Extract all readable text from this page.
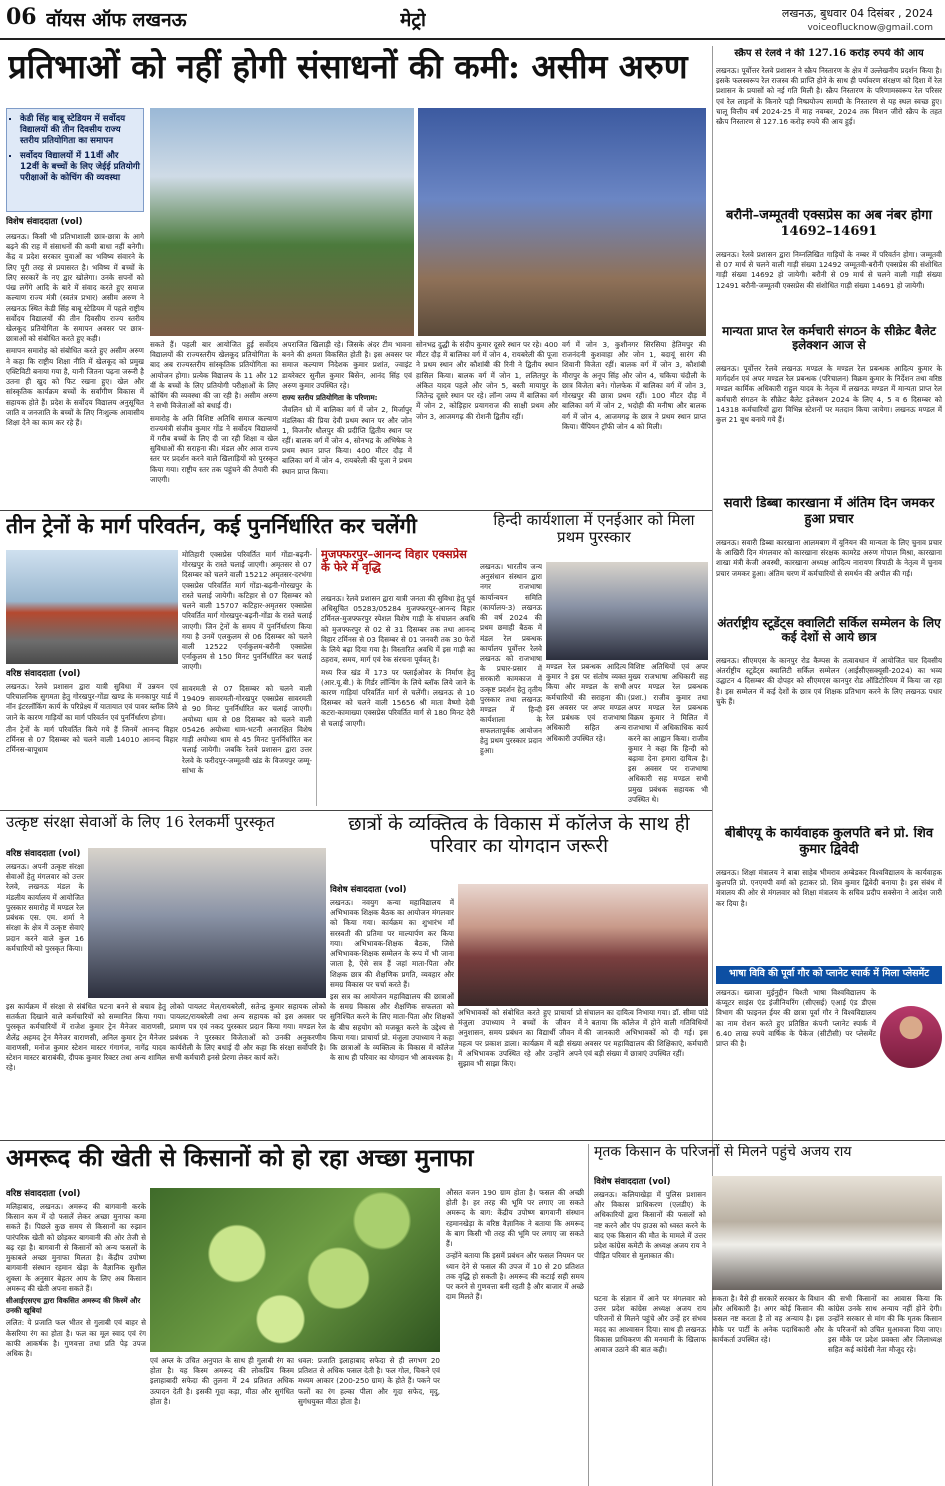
06 वॉयस ऑफ लखनऊ	मेट्रो	लखनऊ, बुधवार 04 दिसंबर , 2024
voiceoflucknow@gmail.com
प्रतिभाओं को नहीं होगी संसाधनों की कमी: असीम अरुण
▪ केडी सिंह बाबू स्टेडियम में सर्वोदय विद्यालयों की तीन दिवसीय राज्य स्तरीय प्रतियोगिता का समापन
▪ सर्वोदय विद्यालयों में 11वीं और 12वीं के बच्चों के लिए जेईई प्रतियोगी परीक्षाओं के कोचिंग की व्यवस्था
विशेष संवाददाता (vol)

लखनऊ। किसी भी प्रतिभाशाली छात्र-छात्रा के आगे बढ़ने की राह में संसाधनों की कमी बाधा नहीं बनेगी। केंद्र व प्रदेश सरकार युवाओं का भविष्य संवारने के लिए पूरी तरह से प्रयासरत है। भविष्य में बच्चों के लिए सरकारें के नए द्वार खोलेगा। उनके सपनों को पंख लगेंगे आदि के बारे में संवाद करते हुए समाज कल्याण राज्य मंत्री (स्वतंत्र प्रभार) असीम अरुण ने लखनऊ स्थित केडी सिंह बाबू स्टेडियम में पहले राष्ट्रीय सर्वोदय विद्यालयों की तीन दिवसीय राज्य स्तरीय खेलकूद प्रतियोगिता के समापन अवसर पर छात्र-छात्राओं को संबोधित करते हुए कही।

समापन समारोह को संबोधित करते हुए असीम अरुण ने कहा कि राष्ट्रीय शिक्षा नीति में खेलकूद को प्रमुख एक्टिविटी बनाया गया है, यानी जितना पढ़ना जरूरी है उतना ही खुद को फिट रखना हुए। खेल और सांस्कृतिक कार्यक्रम बच्चों के सर्वांगीण विकास में सहायक होते हैं। प्रदेश के सर्वोदय विद्यालय अनुसूचित जाति व जनजाति के बच्चों के लिए निःशुल्क आवासीय शिक्षा देने का काम कर रहे हैं।

सकते हैं। पहली बार आयोजित हुई सर्वोदय विद्यालयों की राज्यस्तरीय खेलकूद प्रतियोगिता के बाद अब राज्यस्तरीय सांस्कृतिक प्रतियोगिता का आयोजन होगा। प्रत्येक विद्यालय के 11 और 12 वीं के बच्चों के लिए प्रतियोगी परीक्षाओं के लिए कोचिंग की व्यवस्था की जा रही है। असीम अरुण ने सभी विजेताओं को बधाई दी।

समारोह के अति विशिष्ट अतिथि समाज कल्याण राज्यमंत्री संजीव कुमार गोंड ने सर्वोदय विद्यालयों में गरीब बच्चों के लिए दी जा रही शिक्षा व खेल सुविधाओं की सराहना की। मंडल और आज राज्य स्तर पर प्रदर्शन करने वाले खिलाड़ियों को पुरस्कृत किया गया। राष्ट्रीय स्तर तक पहुंचने की तैयारी की जाएगी।

अपराजित खिलाड़ी रहे। जिसके अंदर टीम भावना बनने की क्षमता विकसित होती है। इस अवसर पर समाज कल्याण निदेशक कुमार प्रशांत, ज्वाइंट डायरेक्टर सुनील कुमार बिसेन, आनंद सिंह एवं अरुण कुमार उपस्थित रहे।

राज्य स्तरीय प्रतियोगिता के परिणाम:

जैवलिन थ्रो में बालिका वर्ग में जोन 2, मिर्जापुर मंडलिका की प्रिया देवी प्रथम स्थान पर और जोन 1, विजनौर धौलपुर की प्रदीप्ति द्वितीय स्थान पर रहीं। बालक वर्ग में जोन 4, सोनभद्र के अभिषेक ने प्रथम स्थान प्राप्त किया। 400 मीटर दौड़ में बालिका वर्ग में जोन 4, रायबरेली की पूजा ने प्रथम स्थान प्राप्त किया।

सोनभद्र दुद्धी के संदीप कुमार दूसरे स्थान पर रहे। 400 मीटर दौड़ में बालिका वर्ग में जोन 4, रायबरेली की पूजा ने प्रथम स्थान और कौशांबी की रिनी ने द्वितीय स्थान हासिल किया। बालक वर्ग में जोन 1, ललितपुर के अंकित यादव पहले और जोन 5, बस्ती मायापुर के जितेन्द्र दूसरे स्थान पर रहे। लॉन्ग जम्प में बालिका वर्ग में जोन 2, कोड़िहार प्रयागराज की साक्षी प्रथम और जोन 3, आजमगढ़ की रोशनी द्वितीय रहीं।

वर्ग में जोन 3, कुशीनगर सिरसिया हेतिमपुर की राजनंदनी कुशवाहा और जोन 1, बदायूं सारंग की शिवानी विजेता रहीं। बालक वर्ग में जोन 3, कौशांबी मीरापुर के अनूप सिंह और जोन 4, चकिया चंदौली के छात्र विजेता बने। गोलफेक में बालिका वर्ग में जोन 3, गोरखपुर की छात्रा प्रथम रहीं। 100 मीटर दौड़ में बालिका वर्ग में जोन 2, भदोही की मनीषा और बालक वर्ग में जोन 4, आजमगढ़ के छात्र ने प्रथम स्थान प्राप्त किया। चैंपियन ट्रॉफी जोन 4 को मिली।

तीन ट्रेनों के मार्ग परिवर्तन, कई पुनर्निर्धारित कर चलेंगी
वरिष्ठ संवाददाता (vol)

लखनऊ। रेलवे प्रशासन द्वारा यात्री सुविधा में उन्नयन एवं परिचालनिक सुगमता हेतु गोरखपुर-गोंडा खण्ड के मनकापुर यार्ड में नॉन इंटरलॉकिंग कार्य के परिप्रेक्ष्य में यातायात एवं पावर ब्लॉक लिये जाने के कारण गाड़ियों का मार्ग परिवर्तन एवं पुनर्निर्धारण होगा।

तीन ट्रेनों के मार्ग परिवर्तित किये गये हैं जिनमें आनन्द विहार टर्मिनस से 07 दिसम्बर को चलने वाली 14010 आनन्द विहार टर्मिनस-बापूधाम

मोतिहारी एक्सप्रेस परिवर्तित मार्ग गोंडा-बढ़नी-गोरखपुर के रास्ते चलाई जाएगी। अमृतसर से 07 दिसम्बर को चलने वाली 15212 अमृतसर-दरभंगा एक्सप्रेस परिवर्तित मार्ग गोंडा-बढ़नी-गोरखपुर के रास्ते चलाई जायेगी। कटिहार से 07 दिसम्बर को चलने वाली 15707 कटिहार-अमृतसर एक्सप्रेस परिवर्तित मार्ग गोरखपुर-बढ़नी-गोंडा के रास्ते चलाई जाएगी। जिन ट्रेनों के समय में पुनर्निर्धारण किया गया है उनमें एलकुलम से 06 दिसम्बर को चलने वाली 12522 एर्नाकुलम-बरौनी एक्सप्रेस एर्नाकुलम से 150 मिनट पुनर्निर्धारित कर चलाई जाएगी।

सावरमती से 07 दिसम्बर को चलने वाली 19409 सावरमती-गोरखपुर एक्सप्रेस सावरमती से 90 मिनट पुनर्निर्धारित कर चलाई जाएगी। अयोध्या धाम से 08 दिसम्बर को चलने वाली 05426 अयोध्या धाम-भटनी अनारक्षित विशेष गाड़ी अयोध्या धाम से 45 मिनट पुनर्निर्धारित कर चलाई जायेगी। जबकि रेलवे प्रशासन द्वारा उत्तर रेलवे के फरीदपुर-जम्मूतवी खंड के विजयपुर जम्मू-सांभा के

मुजफ्फरपुर–आनन्द विहार एक्सप्रेस के फेरे में वृद्धि

लखनऊ। रेलवे प्रशासन द्वारा यात्री जनता की सुविधा हेतु पूर्व अधिसूचित 05283/05284 मुजफ्फरपुर-आनन्द विहार टर्मिनल-मुजफ्फरपुर स्पेशल विशेष गाड़ी के संचालन अवधि को मुजफ्फरपुर से 02 से 31 दिसम्बर तक तथा आनन्द विहार टर्मिनस से 03 दिसम्बर से 01 जनवरी तक 30 फेरों के लिये बढ़ा दिया गया है। विस्तारित अवधि में इस गाड़ी का ठहराव, समय, मार्ग एवं रेक संरचना पूर्ववत् है।

मध्य रिज खंड में 173 पर फ्लाईओवर के निर्माण हेतु (आर.यू.बी.) के गिर्डर लॉन्चिंग के लिये ब्लॉक लिये जाने के कारण गाड़ियां परिवर्तित मार्ग से चलेंगी। लखनऊ से 10 दिसम्बर को चलने वाली 15656 श्री माता वैष्णो देवी कटरा-कामाख्या एक्सप्रेस परिवर्तित मार्ग से 180 मिनट देरी से चलाई जाएगी।

हिन्दी कार्यशाला में एनईआर को मिला प्रथम पुरस्कार

लखनऊ। भारतीय जन्य अनुसंधान संस्थान द्वारा नगर राजभाषा कार्यान्वयन समिति (कार्यालय-3) लखनऊ की वर्ष 2024 की प्रथम छमाही बैठक में मंडल रेल प्रबन्धक कार्यालय पूर्वोत्तर रेलवे लखनऊ को राजभाषा के प्रचार-प्रसार में सरकारी कामकाज में उत्कृष्ट प्रदर्शन हेतु तृतीय पुरस्कार तथा लखनऊ मण्डल में हिन्दी कार्यशाला के सफलतापूर्वक आयोजन हेतु प्रथम पुरस्कार प्रदान हुआ।

मण्डल रेल प्रबन्धक आदित्य कुमार ने इस पर संतोष व्यक्त किया और मण्डल के सभी कर्मचारियों की सराहना की। इस अवसर पर अपर मण्डल रेल प्रबंधक एवं राजभाषा अधिकारी सहित अन्य अधिकारी उपस्थित रहे।

विशिष्ट अतिथियों एवं अपर मुख्य राजभाषा अधिकारी सह अपर मण्डल रेल प्रबन्धक (प्रशा.) राजीव कुमार तथा अपर मण्डल रेल प्रबन्धक विक्रम कुमार ने मिलित में राजभाषा में अधिकाधिक कार्य करने का आह्वान किया। राजीव कुमार ने कहा कि हिन्दी को बढ़ावा देना हमारा दायित्व है। इस अवसर पर राजभाषा अधिकारी सह मण्डल सभी प्रमुख प्रबंधक सहायक भी उपस्थित थे।

उत्कृष्ट संरक्षा सेवाओं के लिए 16 रेलकर्मी पुरस्कृत
वरिष्ठ संवाददाता (vol)

लखनऊ। अपनी उत्कृष्ट संरक्षा सेवाओं हेतु मंगलवार को उत्तर रेलवे, लखनऊ मंडल के मंडलीय कार्यालय में आयोजित पुरस्कार समारोह में मण्डल रेल प्रबंधक एस. एम. शर्मा ने संरक्षा के क्षेत्र में उत्कृष्ट सेवाएं प्रदान करने वाले कुल 16 कर्मचारियों को पुरस्कृत किया।

इस कार्यक्रम में संरक्षा से संबंधित घटना बनने से बचाव हेतु सतर्कता दिखाने वाले कर्मचारियों को सम्मानित किया गया। पुरस्कृत कर्मचारियों में राजेश कुमार ट्रेन मैनेजर वाराणसी, शैलेंद्र अहमद ट्रेन मैनेजर वाराणसी, अनिल कुमार ट्रेन मैनेजर वाराणसी, मनोज कुमार स्टेशन मास्टर गंगागंज, नागेंद्र यादव स्टेशन मास्टर बाराबंकी, दीपक कुमार रिक्टर तथा अन्य शामिल रहे।

लोको पायलट मेल/रायबरेली, सतेन्द्र कुमार सहायक लोको पायलट/रायबरेली तथा अन्य सहायक को इस अवसर पर प्रमाण पत्र एवं नकद पुरस्कार प्रदान किया गया। मण्डल रेल प्रबंधक ने पुरस्कार विजेताओं को उनकी अनुकरणीय कार्यशैली के लिए बधाई दी और कहा कि संरक्षा सर्वोपरि है। सभी कर्मचारी इनसे प्रेरणा लेकर कार्य करें।

छात्रों के व्यक्तित्व के विकास में कॉलेज के साथ ही परिवार का योगदान जरूरी
विशेष संवाददाता (vol)

लखनऊ। नवयुग कन्या महाविद्यालय में अभिभावक शिक्षक बैठक का आयोजन मंगलवार को किया गया। कार्यक्रम का शुभारंभ माँ सरस्वती की प्रतिमा पर माल्यार्पण कर किया गया। अभिभावक-शिक्षक बैठक, जिसे अभिभावक-शिक्षक सम्मेलन के रूप में भी जाना जाता है, ऐसे सत्र हैं जहां माता-पिता और शिक्षक छात्र की शैक्षणिक प्रगति, व्यवहार और समग्र विकास पर चर्चा करते हैं।

इस सत्र का आयोजन महाविद्यालय की छात्राओं के समग्र विकास और शैक्षणिक सफलता को सुनिश्चित करने के लिए माता-पिता और शिक्षकों के बीच सहयोग को मजबूत करने के उद्देश्य से किया गया। प्राचार्या प्रो. मंजुला उपाध्याय ने कहा कि छात्राओं के व्यक्तित्व के विकास में कॉलेज के साथ ही परिवार का योगदान भी आवश्यक है।

अभिभावकों को संबोधित करते हुए प्राचार्या प्रो मंजुला उपाध्याय ने बच्चों के जीवन में अनुशासन, समय प्रबंधन का विद्यार्थी जीवन में महत्व पर प्रकाश डाला। कार्यक्रम में बड़ी संख्या में अभिभावक उपस्थित रहे और उन्होंने अपने सुझाव भी साझा किए।

संचालन का दायित्व निभाया गया। डॉ. सीमा पांडे ने बताया कि कॉलेज में होने वाली गतिविधियों की जानकारी अभिभावकों को दी गई। इस अवसर पर महाविद्यालय की शिक्षिकाएं, कर्मचारी एवं बड़ी संख्या में छात्राएं उपस्थित रहीं।

अमरूद की खेती से किसानों को हो रहा अच्छा मुनाफा
वरिष्ठ संवाददाता (vol)

मलिहाबाद, लखनऊ। अमरूद की बागवानी करके किसान कम में दो फसलें लेकर अच्छा मुनाफा कमा सकते हैं। पिछले कुछ समय से किसानों का रुझान पारंपरिक खेती को छोड़कर बागवानी की ओर तेजी से बढ़ रहा है। बागवानी से किसानों को अन्य फसलों के मुकाबले अच्छा मुनाफा मिलता है। केंद्रीय उपोष्ण बागवानी संस्थान रहमान खेड़ा के वैज्ञानिक सुशील शुक्ला के अनुसार बेहतर आय के लिए अब किसान अमरूद की खेती अपना सकते हैं।

सीआईएसएच द्वारा विकसित अमरूद की किस्में और उनकी खूबियां

ललित: ये प्रजाति फल भीतर से गुलाबी एवं बाहर से केसरिया रंग का होता है। फल का मूल स्वाद एवं रंग काफी आकर्षक है। गुणवत्ता तथा प्रति पेड़ उपज अधिक है।

एवं अम्ल के उचित अनुपात के साथ ही गुलाबी रंग का होता है। यह किस्म अमरूद की लोकप्रिय किस्म इलाहाबादी सफेदा की तुलना में 24 प्रतिशत अधिक उत्पादन देती है। इसकी गूदा कड़ा, मीठा और सुगंधित होता है।

धवल: प्रजाति इलाहाबाद सफेदा से ही लगभग 20 प्रतिशत से अधिक फसल देती है। फल गोल, चिकने एवं मध्यम आकार (200-250 ग्राम) के होते हैं। पकने पर फलों का रंग हल्का पीला और गूदा सफेद, मृदु, सुगंधयुक्त मीठा होता है।

औसत वजन 190 ग्राम होता है। फसल की अच्छी होती है। हर तरह की भूमि पर लगाए जा सकते अमरूद के बाग: केंद्रीय उपोष्ण बागवानी संस्थान रहमानखेड़ा के वरिष्ठ वैज्ञानिक ने बताया कि अमरूद के बाग किसी भी तरह की भूमि पर लगाए जा सकते हैं।

उन्होंने बताया कि इसमें प्रबंधन और फसल नियमन पर ध्यान देने से फसल की उपज में 10 से 20 प्रतिशत तक वृद्धि हो सकती है। अमरूद की कटाई सही समय पर करने से गुणवत्ता बनी रहती है और बाजार में अच्छे दाम मिलते हैं।

मृतक किसान के परिजनों से मिलने पहुंचे अजय राय
विशेष संवाददाता (vol)

लखनऊ। कलियाखेड़ा में पुलिस प्रशासन और विकास प्राधिकरण (एलडीए) के अधिकारियों द्वारा किसानों की फसलों को नष्ट करने और पंप हाउस को ध्वस्त करने के बाद एक किसान की मौत के मामले में उत्तर प्रदेश कांग्रेस कमेटी के अध्यक्ष अजय राय ने पीड़ित परिवार से मुलाकात की।

घटना के संज्ञान में आने पर मंगलवार को उत्तर प्रदेश कांग्रेस अध्यक्ष अजय राय परिजनों से मिलने पहुंचे और उन्हें हर संभव मदद का आश्वासन दिया। साथ ही लखनऊ विकास प्राधिकरण की मनमानी के खिलाफ आवाज उठाने की बात कही।

सकता है। वैसे ही सरकारें सरकार के विधान और अधिकारी है। अगर कोई किसान की फसल नष्ट करता है तो वह अन्याय है। इस मौके पर पार्टी के अनेक पदाधिकारी और कार्यकर्ता उपस्थित रहे।

की सभी किसानों का आवास किया कि कांग्रेस उनके साथ अन्याय नहीं होने देगी। उन्होंने सरकार से मांग की कि मृतक किसान के परिजनों को उचित मुआवजा दिया जाए। इस मौके पर प्रदेश प्रवक्ता और जिलाध्यक्ष सहित कई कांग्रेसी नेता मौजूद रहे।

स्क्रैप से रेलवे ने की 127.16 करोड़ रुपये की आय

लखनऊ। पूर्वोत्तर रेलवे प्रशासन ने स्क्रैप निस्तारण के क्षेत्र में उल्लेखनीय प्रदर्शन किया है। इसके फलस्वरूप रेल राजस्व की प्राप्ति होने के साथ ही पर्यावरण संरक्षण को दिशा में रेल प्रशासन के प्रयासों को नई गति मिली है। स्क्रैप निस्तारण के परिणामस्वरूप रेल परिसर एवं रेल लाइनों के किनारे पड़ी निष्प्रयोज्य सामग्री के निस्तारण से यह स्थल स्वच्छ हुए। चालू वित्तीय वर्ष 2024-25 में माह नवम्बर, 2024 तक मिशन जीरो स्क्रैप के तहत स्क्रैप निस्तारण से 127.16 करोड़ रुपये की आय हुई।

बरौनी–जम्मूतवी एक्सप्रेस का अब नंबर होगा 14692–14691

लखनऊ। रेलवे प्रशासन द्वारा निम्नलिखित गाड़ियों के नम्बर में परिवर्तन होगा। जम्मूतवी से 07 मार्च से चलने वाली गाड़ी संख्या 12492 जम्मूतवी-बरौनी एक्सप्रेस की संशोधित गाड़ी संख्या 14692 हो जायेगी। बरौनी से 09 मार्च से चलने वाली गाड़ी संख्या 12491 बरौनी-जम्मूतवी एक्सप्रेस की संशोधित गाड़ी संख्या 14691 हो जायेगी।

मान्यता प्राप्त रेल कर्मचारी संगठन के सीक्रेट बैलेट इलेक्शन आज से

लखनऊ। पूर्वोत्तर रेलवे लखनऊ मण्डल के मण्डल रेल प्रबन्धक आदित्य कुमार के मार्गदर्शन एवं अपर मण्डल रेल प्रबन्धक (परिचालन) विक्रम कुमार के निर्देशन तथा वरिष्ठ मण्डल कार्मिक अधिकारी राहुल यादव के नेतृत्व में लखनऊ मण्डल में मान्यता प्राप्त रेल कर्मचारी संगठन के सीक्रेट बैलेट इलेक्शन 2024 के लिए 4, 5 व 6 दिसम्बर को 14318 कर्मचारियों द्वारा विभिन्न स्टेशनों पर मतदान किया जायेगा। लखनऊ मण्डल में कुल 21 बूथ बनाये गये हैं।

सवारी डिब्बा कारखाना में अंतिम दिन जमकर हुआ प्रचार

लखनऊ। सवारी डिब्बा कारखाना आलमबाग में यूनियन की मान्यता के लिए चुनाव प्रचार के आखिरी दिन मंगलवार को कारखाना संरक्षक कामरेड अरुण गोपाल मिश्रा, कारखाना शाखा मंत्री केजी अवस्थी, कारखाना अध्यक्ष आदित्य नारायण त्रिपाठी के नेतृत्व में चुनाव प्रचार जमकर हुआ। अंतिम चरण में कर्मचारियों से समर्थन की अपील की गई।

अंतर्राष्ट्रीय स्टूडेंट्स क्वालिटी सर्किल सम्मेलन के लिए कई देशों से आये छात्र

लखनऊ। सीएमएस के कानपुर रोड कैम्पस के तत्वावधान में आयोजित चार दिवसीय अंतर्राष्ट्रीय स्टूडेंट्स क्वालिटी सर्किल सम्मेलन (आईसीएसक्यूसी-2024) का भव्य उद्घाटन 4 दिसम्बर की दोपहर को सीएमएस कानपुर रोड ऑडिटोरियम में किया जा रहा है। इस सम्मेलन में कई देशों के छात्र एवं शिक्षक प्रतिभाग करने के लिए लखनऊ पधार चुके हैं।

बीबीएयू के कार्यवाहक कुलपति बने प्रो. शिव कुमार द्विवेदी

लखनऊ। शिक्षा मंत्रालय ने बाबा साहेब भीमराव अम्बेडकर विश्वविद्यालय के कार्यवाहक कुलपति प्रो. एनएमपी वर्मा को हटाकर प्रो. शिव कुमार द्विवेदी बनाया है। इस संबंध में मंत्रालय की ओर से मंगलवार को शिक्षा मंत्रालय के सचिव प्रदीप सक्सेना ने आदेश जारी कर दिया है।

भाषा विवि की पूर्वा गौर को प्लानेट स्पार्क में मिला प्लेसमेंट

लखनऊ। ख्वाजा मुईनुद्दीन चिश्ती भाषा विश्वविद्यालय के कंप्यूटर साइंस एंड इंजीनियरिंग (सीएसई) एआई एंड डीएस विभाग की फाइनल ईयर की छात्रा पूर्वा गौर ने विश्वविद्यालय का नाम रोशन करते हुए प्रतिष्ठित कंपनी प्लानेट स्पार्क में 6.40 लाख रुपये वार्षिक के पैकेज (सीटीसी) पर प्लेसमेंट प्राप्त की है।
